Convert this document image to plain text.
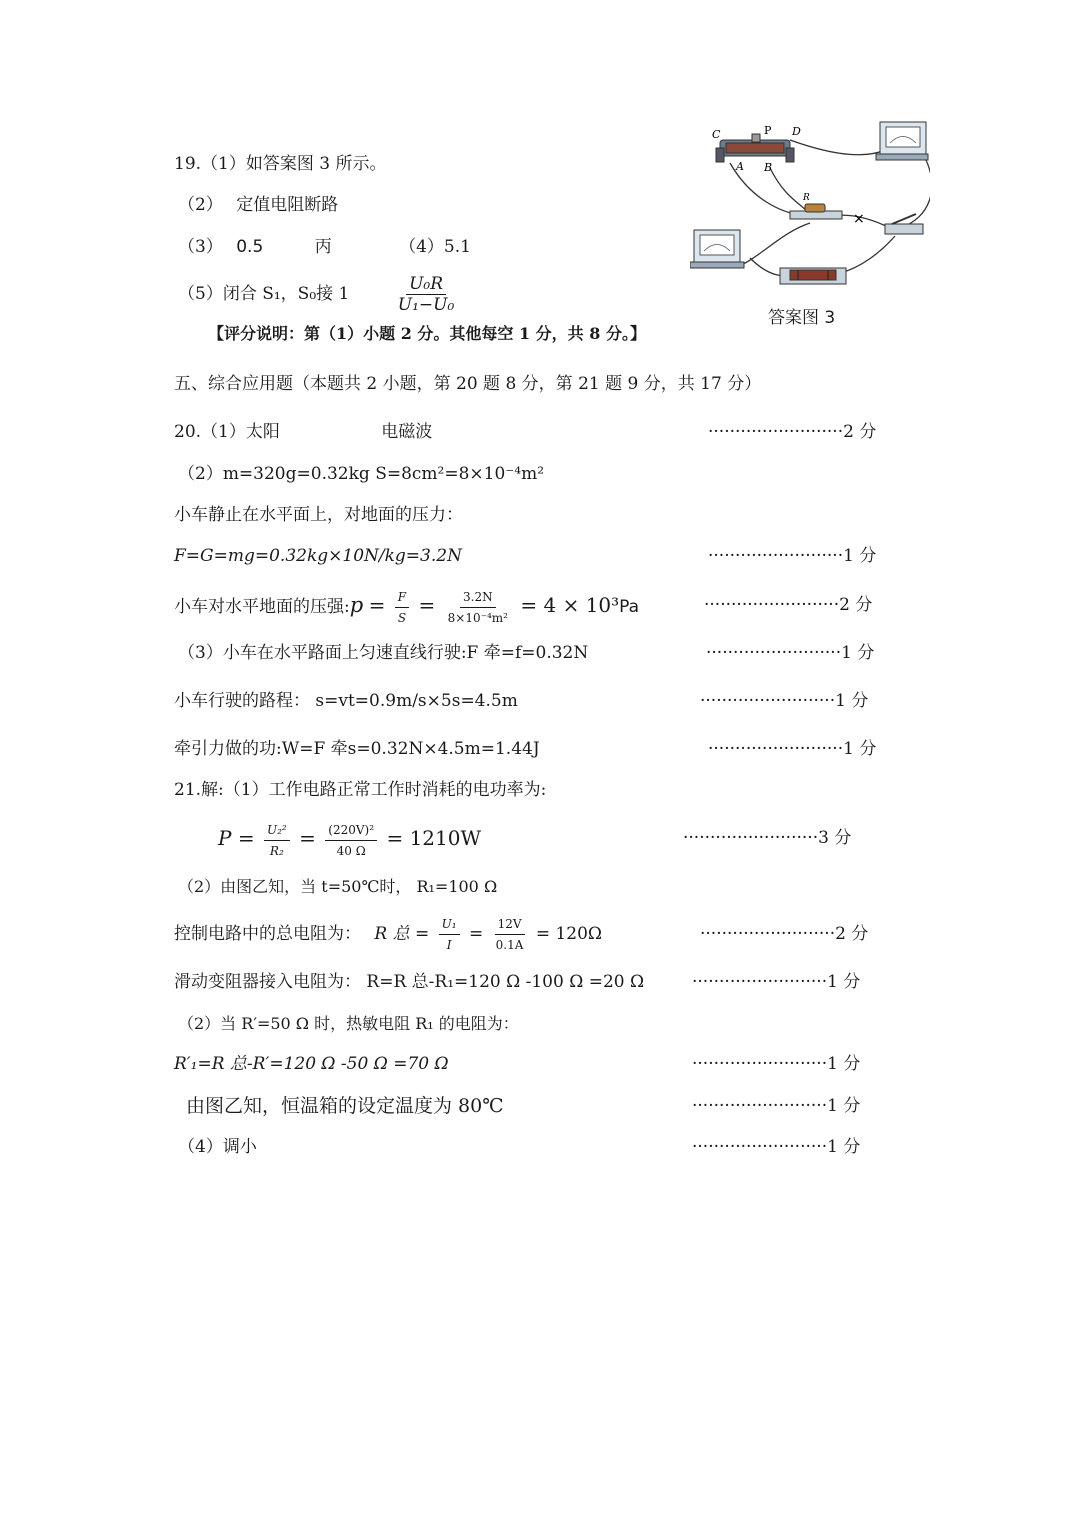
19.（1）如答案图 3 所示。
（2） 定值电阻断路
（3） 0.5	丙	（4）5.1
（5）闭合 S₁，S₀接 1	$\frac{\text{U₀R}}{\text{U₁−U₀}}$
【评分说明：第（1）小题 2 分。其他每空 1 分，共 8 分。】
C	P D
A B
R
×
答案图 3
五、综合应用题（本题共 2 小题，第 20 题 8 分，第 21 题 9 分，共 17 分）
20.（1）太阳	电磁波	·························2 分
（2）m=320g=0.32kg S=8cm²=8×10⁻⁴m²
小车静止在水平面上，对地面的压力：
F=G=mg=0.32kg×10N/kg=3.2N	·························1 分
小车对水平地面的压强:p = $\frac{F}{S} = \frac{3.2N}{\text{8×10⁻⁴m²}} = 4 \times 10^3Pa$	·························2 分
（3）小车在水平路面上匀速直线行驶:F 牵=f=0.32N	·························1 分
小车行驶的路程： s=vt=0.9m/s×5s=4.5m	·························1 分
牵引力做的功:W=F 牵s=0.32N×4.5m=1.44J	·························1 分
21.解:（1）工作电路正常工作时消耗的电功率为:
$P = \frac{\text{U₂²}}{\text{R₂}} = \frac{\text{(220V)²}}{40 \Omega} = 1210W$	·························3 分
（2）由图乙知，当 t=50℃时， R₁=100 Ω
控制电路中的总电阻为： R 总 = $\frac{\text{U₁}}{I} = \frac{12V}{0.1A} = 120\Omega$	·························2 分
滑动变阻器接入电阻为： R=R 总-R₁=120 Ω -100 Ω =20 Ω	·························1 分
（2）当 R′=50 Ω 时，热敏电阻 R₁ 的电阻为：
R′₁=R 总-R′=120 Ω -50 Ω =70 Ω	·························1 分
由图乙知，恒温箱的设定温度为 80℃	·························1 分
（4）调小	·························1 分
